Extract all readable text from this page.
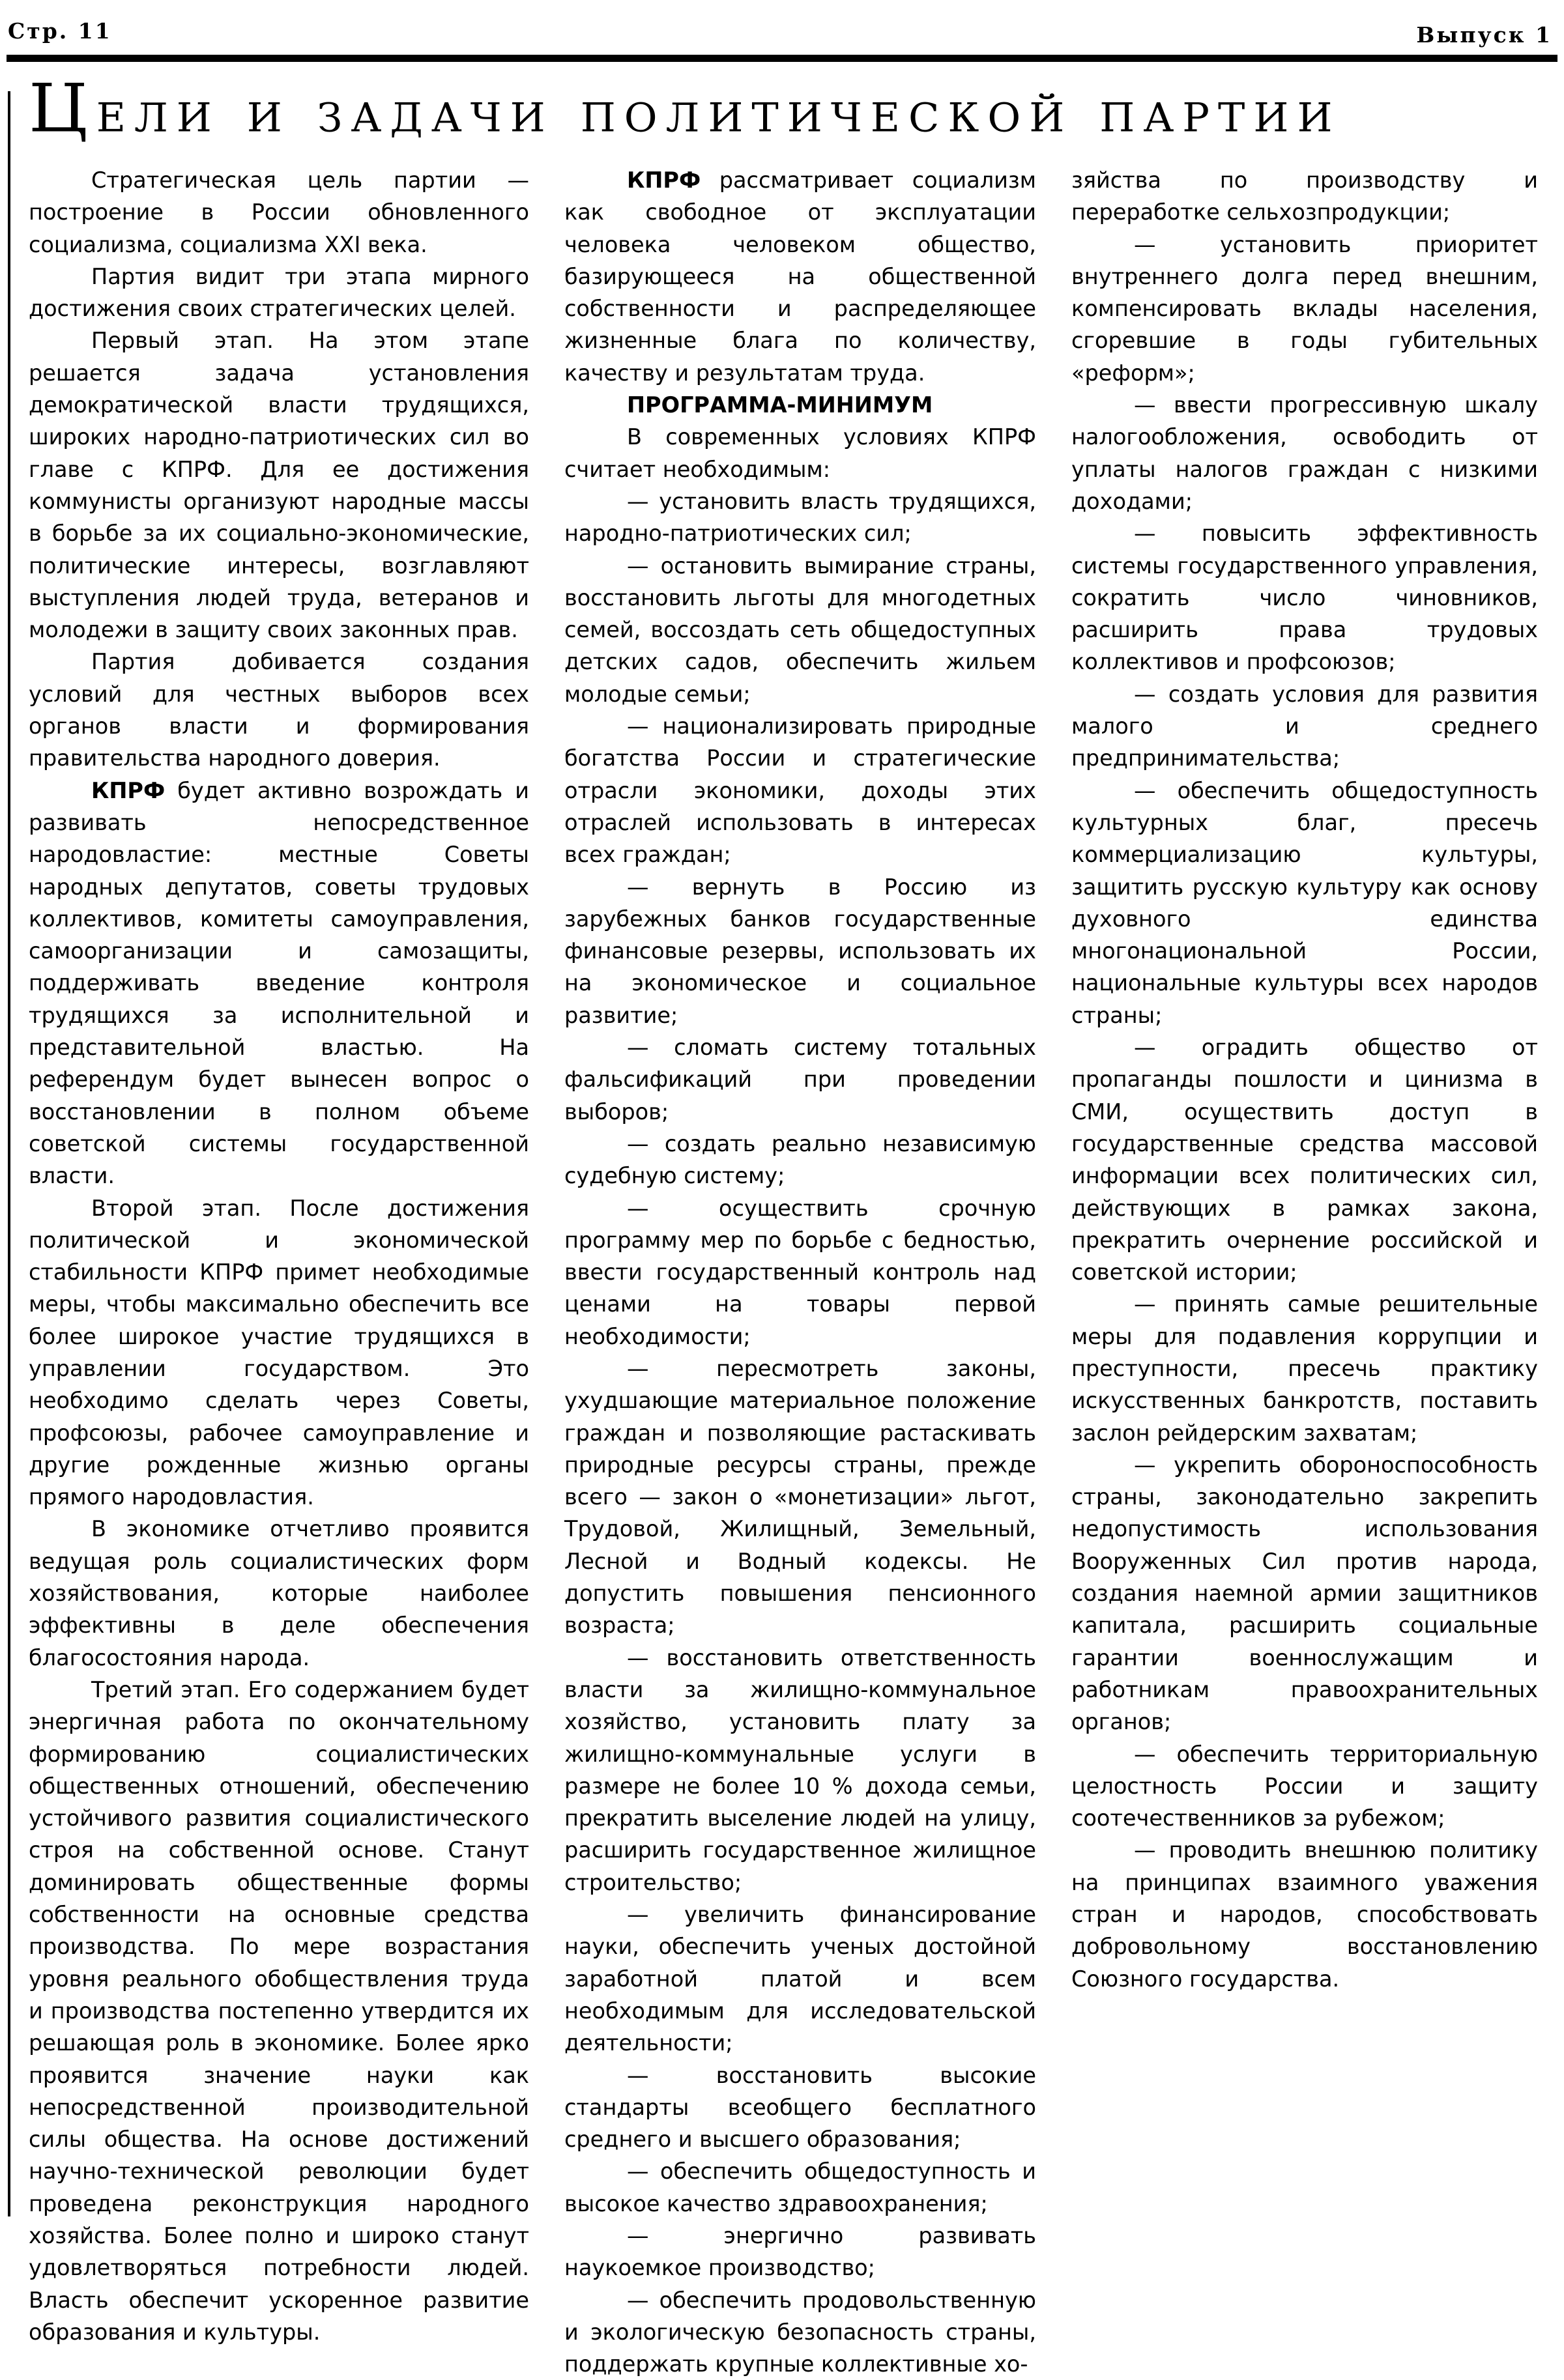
Стр. 11	Выпуск 1
Цели и задачи политической партии

Стратегическая цель партии — построение в России обновленного социализма, социализма XXI века.

Партия видит три этапа мирного достижения своих стратегических целей.

Первый этап. На этом этапе решается задача установления демократической власти трудящихся, широких народно-патриотических сил во главе с КПРФ. Для ее достижения коммунисты организуют народные массы в борьбе за их социально-экономические, политические интересы, возглавляют выступления людей труда, ветеранов и молодежи в защиту своих законных прав.

Партия добивается создания условий для честных выборов всех органов власти и формирования правительства народного доверия.

КПРФ будет активно возрождать и развивать непосредственное народовластие: местные Советы народных депутатов, советы трудовых коллективов, комитеты самоуправления, самоорганизации и самозащиты, поддерживать введение контроля трудящихся за исполнительной и представительной властью. На референдум будет вынесен вопрос о восстановлении в полном объеме советской системы государственной власти.

Второй этап. После достижения политической и экономической стабильности КПРФ примет необходимые меры, чтобы максимально обеспечить все более широкое участие трудящихся в управлении государством. Это необходимо сделать через Советы, профсоюзы, рабочее самоуправление и другие рожденные жизнью органы прямого народовластия.

В экономике отчетливо проявится ведущая роль социалистических форм хозяйствования, которые наиболее эффективны в деле обеспечения благосостояния народа.

Третий этап. Его содержанием будет энергичная работа по окончательному формированию социалистических общественных отношений, обеспечению устойчивого развития социалистического строя на собственной основе. Станут доминировать общественные формы собственности на основные средства производства. По мере возрастания уровня реального обобществления труда и производства постепенно утвердится их решающая роль в экономике. Более ярко проявится значение науки как непосредственной производительной силы общества. На основе достижений научно-технической революции будет проведена реконструкция народного хозяйства. Более полно и широко станут удовлетворяться потребности людей. Власть обеспечит ускоренное развитие образования и культуры.

КПРФ рассматривает социализм как свободное от эксплуатации человека человеком общество, базирующееся на общественной собственности и распределяющее жизненные блага по количеству, качеству и результатам труда.

ПРОГРАММА-МИНИМУМ

В современных условиях КПРФ считает необходимым:

— установить власть трудящихся, народно-патриотических сил;

— остановить вымирание страны, восстановить льготы для многодетных семей, воссоздать сеть общедоступных детских садов, обеспечить жильем молодые семьи;

— национализировать природные богатства России и стратегические отрасли экономики, доходы этих отраслей использовать в интересах всех граждан;

— вернуть в Россию из зарубежных банков государственные финансовые резервы, использовать их на экономическое и социальное развитие;

— сломать систему тотальных фальсификаций при проведении выборов;

— создать реально независимую судебную систему;

— осуществить срочную программу мер по борьбе с бедностью, ввести государственный контроль над ценами на товары первой необходимости;

— пересмотреть законы, ухудшающие материальное положение граждан и позволяющие растаскивать природные ресурсы страны, прежде всего — закон о «монетизации» льгот, Трудовой, Жилищный, Земельный, Лесной и Водный кодексы. Не допустить повышения пенсионного возраста;

— восстановить ответственность власти за жилищно-коммунальное хозяйство, установить плату за жилищно-коммунальные услуги в размере не более 10 % дохода семьи, прекратить выселение людей на улицу, расширить государственное жилищное строительство;

— увеличить финансирование науки, обеспечить ученых достойной заработной платой и всем необходимым для исследовательской деятельности;

— восстановить высокие стандарты всеобщего бесплатного среднего и высшего образования;

— обеспечить общедоступность и высокое качество здравоохранения;

— энергично развивать наукоемкое производство;

— обеспечить продовольственную и экологическую безопасность страны, поддержать крупные коллективные хо-

зяйства по производству и переработке сельхозпродукции;

— установить приоритет внутреннего долга перед внешним, компенсировать вклады населения, сгоревшие в годы губительных «реформ»;

— ввести прогрессивную шкалу налогообложения, освободить от уплаты налогов граждан с низкими доходами;

— повысить эффективность системы государственного управления, сократить число чиновников, расширить права трудовых коллективов и профсоюзов;

— создать условия для развития малого и среднего предпринимательства;

— обеспечить общедоступность культурных благ, пресечь коммерциализацию культуры, защитить русскую культуру как основу духовного единства многонациональной России, национальные культуры всех народов страны;

— оградить общество от пропаганды пошлости и цинизма в СМИ, осуществить доступ в государственные средства массовой информации всех политических сил, действующих в рамках закона, прекратить очернение российской и советской истории;

— принять самые решительные меры для подавления коррупции и преступности, пресечь практику искусственных банкротств, поставить заслон рейдерским захватам;

— укрепить обороноспособность страны, законодательно закрепить недопустимость использования Вооруженных Сил против народа, создания наемной армии защитников капитала, расширить социальные гарантии военнослужащим и работникам правоохранительных органов;

— обеспечить территориальную целостность России и защиту соотечественников за рубежом;

— проводить внешнюю политику на принципах взаимного уважения стран и народов, способствовать добровольному восстановлению Союзного государства.
